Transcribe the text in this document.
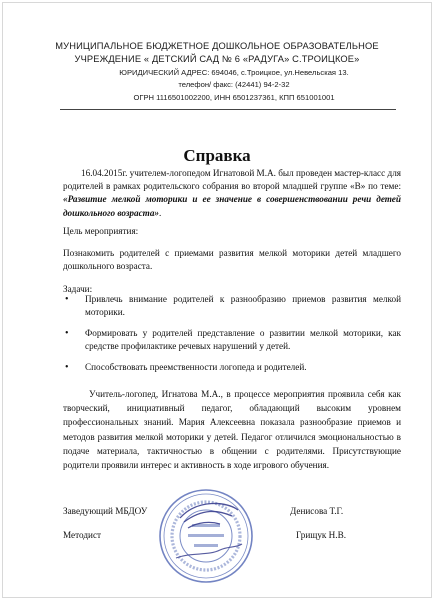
МУНИЦИПАЛЬНОЕ БЮДЖЕТНОЕ ДОШКОЛЬНОЕ ОБРАЗОВАТЕЛЬНОЕ
УЧРЕЖДЕНИЕ « ДЕТСКИЙ САД № 6 «РАДУГА» С.ТРОИЦКОЕ»
ЮРИДИЧЕСКИЙ АДРЕС: 694046, с.Троицкое, ул.Невельская 13.
телефон/ факс: (42441) 94-2-32
ОГРН 1116501002200, ИНН 6501237361, КПП 651001001
Справка
16.04.2015г. учителем-логопедом Игнатовой М.А. был проведен мастер-класс для родителей в рамках родительского собрания во второй младшей группе «В» по теме: «Развитие мелкой моторики и ее значение в совершенствовании речи детей дошкольного возраста».
Цель мероприятия:
Познакомить родителей с приемами развития мелкой моторики детей младшего дошкольного возраста.
Задачи:
• Привлечь внимание родителей к разнообразию приемов развития мелкой моторики.
• Формировать у родителей представление о развитии мелкой моторики, как средстве профилактике речевых нарушений у детей.
• Способствовать преемственности логопеда и родителей.
Учитель-логопед, Игнатова М.А., в процессе мероприятия проявила себя как творческий, инициативный педагог, обладающий высоким уровнем профессиональных знаний. Мария Алексеевна показала разнообразие приемов и методов развития мелкой моторики у детей. Педагог отличился эмоциональностью в подаче материала, тактичностью в общении с родителями. Присутствующие родители проявили интерес и активность в ходе игрового обучения.
Заведующий МБДОУ	Денисова Т.Г.
Методист	Грищук Н.В.
